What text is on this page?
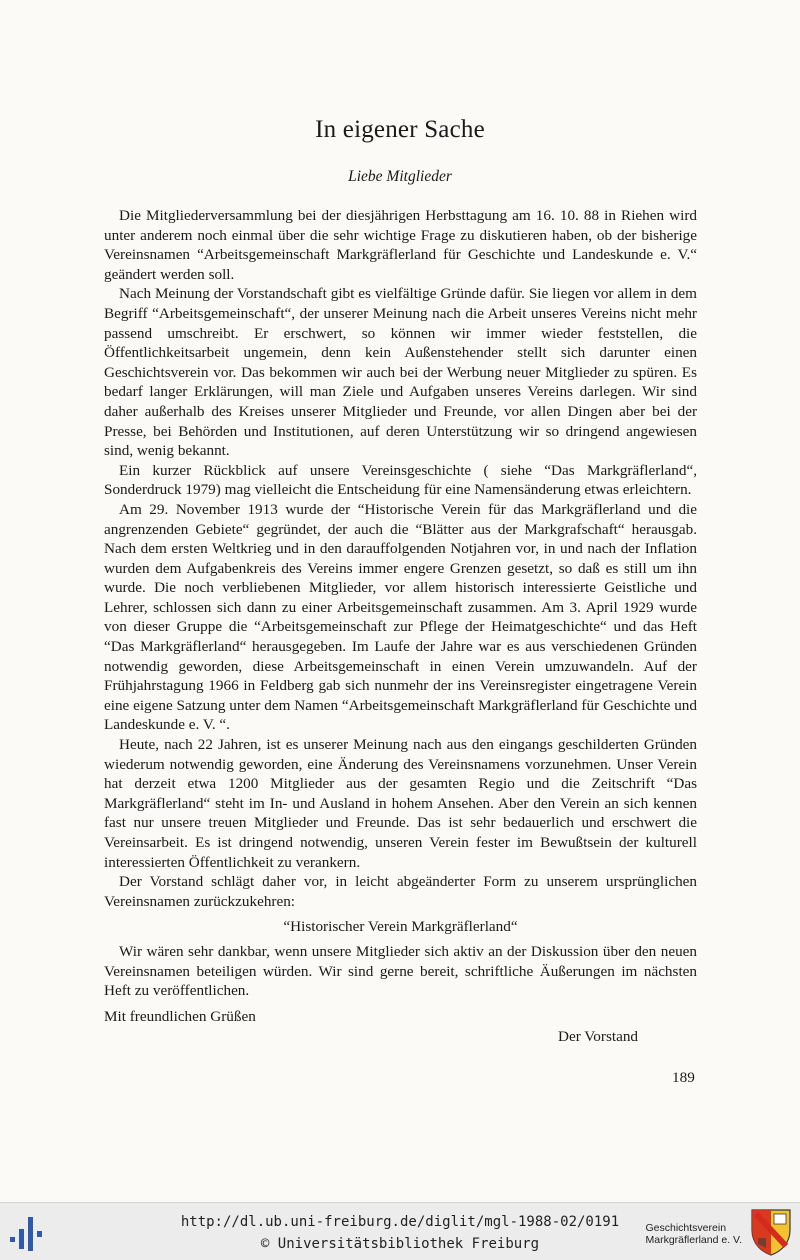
In eigener Sache
Liebe Mitglieder

Die Mitgliederversammlung bei der diesjährigen Herbsttagung am 16. 10. 88 in Riehen wird unter anderem noch einmal über die sehr wichtige Frage zu diskutieren haben, ob der bisherige Vereinsnamen “Arbeitsgemeinschaft Markgräflerland für Geschichte und Landeskunde e. V.“ geändert werden soll.

Nach Meinung der Vorstandschaft gibt es vielfältige Gründe dafür. Sie liegen vor allem in dem Begriff “Arbeitsgemeinschaft“, der unserer Meinung nach die Arbeit unseres Vereins nicht mehr passend umschreibt. Er erschwert, so können wir immer wieder feststellen, die Öffentlichkeitsarbeit ungemein, denn kein Außenstehender stellt sich darunter einen Geschichtsverein vor. Das bekommen wir auch bei der Werbung neuer Mitglieder zu spüren. Es bedarf langer Erklärungen, will man Ziele und Aufgaben unseres Vereins darlegen. Wir sind daher außerhalb des Kreises unserer Mitglieder und Freunde, vor allen Dingen aber bei der Presse, bei Behörden und Institutionen, auf deren Unterstützung wir so dringend angewiesen sind, wenig bekannt.

Ein kurzer Rückblick auf unsere Vereinsgeschichte ( siehe “Das Markgräflerland“, Sonderdruck 1979) mag vielleicht die Entscheidung für eine Namensänderung etwas erleichtern.

Am 29. November 1913 wurde der “Historische Verein für das Markgräflerland und die angrenzenden Gebiete“ gegründet, der auch die “Blätter aus der Markgrafschaft“ herausgab. Nach dem ersten Weltkrieg und in den darauffolgenden Notjahren vor, in und nach der Inflation wurden dem Aufgabenkreis des Vereins immer engere Grenzen gesetzt, so daß es still um ihn wurde. Die noch verbliebenen Mitglieder, vor allem historisch interessierte Geistliche und Lehrer, schlossen sich dann zu einer Arbeitsgemeinschaft zusammen. Am 3. April 1929 wurde von dieser Gruppe die “Arbeitsgemeinschaft zur Pflege der Heimatgeschichte“ und das Heft “Das Markgräflerland“ herausgegeben. Im Laufe der Jahre war es aus verschiedenen Gründen notwendig geworden, diese Arbeitsgemeinschaft in einen Verein umzuwandeln. Auf der Frühjahrstagung 1966 in Feldberg gab sich nunmehr der ins Vereinsregister eingetragene Verein eine eigene Satzung unter dem Namen “Arbeitsgemeinschaft Markgräflerland für Geschichte und Landeskunde e. V. “.

Heute, nach 22 Jahren, ist es unserer Meinung nach aus den eingangs geschilderten Gründen wiederum notwendig geworden, eine Änderung des Vereinsnamens vorzunehmen. Unser Verein hat derzeit etwa 1200 Mitglieder aus der gesamten Regio und die Zeitschrift “Das Markgräflerland“ steht im In- und Ausland in hohem Ansehen. Aber den Verein an sich kennen fast nur unsere treuen Mitglieder und Freunde. Das ist sehr bedauerlich und erschwert die Vereinsarbeit. Es ist dringend notwendig, unseren Verein fester im Bewußtsein der kulturell interessierten Öffentlichkeit zu verankern.

Der Vorstand schlägt daher vor, in leicht abgeänderter Form zu unserem ursprünglichen Vereinsnamen zurückzukehren:

“Historischer Verein Markgräflerland“

Wir wären sehr dankbar, wenn unsere Mitglieder sich aktiv an der Diskussion über den neuen Vereinsnamen beteiligen würden. Wir sind gerne bereit, schriftliche Äußerungen im nächsten Heft zu veröffentlichen.

Mit freundlichen Grüßen

Der Vorstand
189
http://dl.ub.uni-freiburg.de/diglit/mgl-1988-02/0191
© Universitätsbibliothek Freiburg
Geschichtsverein
Markgräflerland e. V.
